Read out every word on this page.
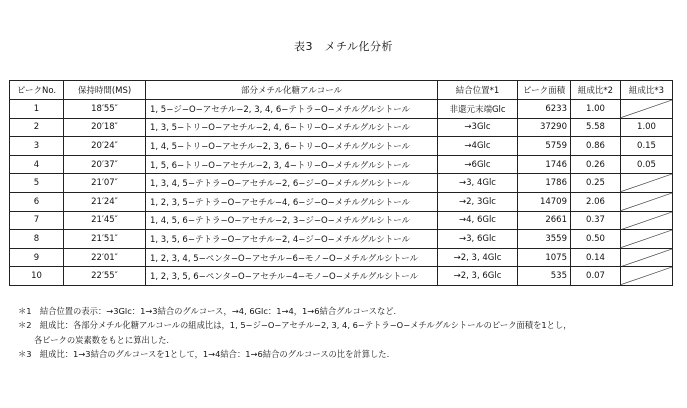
表3　メチル化分析
ピークNo.	保持時間(MS)	部分メチル化糖アルコール	結合位置*1	ピーク面積	組成比*2	組成比*3
1	18′55″	1, 5−ジ−O−アセチル−2, 3, 4, 6−テトラ−O−メチルグルシトール	非還元末端Glc	6233	1.00	

2	20′18″	1, 3, 5−トリ−O−アセチル−2, 4, 6−トリ−O−メチルグルシトール	→3Glc	37290	5.58	1.00
3	20′24″	1, 4, 5−トリ−O−アセチル−2, 3, 6−トリ−O−メチルグルシトール	→4Glc	5759	0.86	0.15
4	20′37″	1, 5, 6−トリ−O−アセチル−2, 3, 4−トリ−O−メチルグルシトール	→6Glc	1746	0.26	0.05
5	21′07″	1, 3, 4, 5−テトラ−O−アセチル−2, 6−ジ−O−メチルグルシトール	→3, 4Glc	1786	0.25	

6	21′24″	1, 2, 3, 5−テトラ−O−アセチル−4, 6−ジ−O−メチルグルシトール	→2, 3Glc	14709	2.06	

7	21′45″	1, 4, 5, 6−テトラ−O−アセチル−2, 3−ジ−O−メチルグルシトール	→4, 6Glc	2661	0.37	

8	21′51″	1, 3, 5, 6−テトラ−O−アセチル−2, 4−ジ−O−メチルグルシトール	→3, 6Glc	3559	0.50	

9	22′01″	1, 2, 3, 4, 5−ペンタ−O−アセチル−6−モノ−O−メチルグルシトール	→2, 3, 4Glc	1075	0.14	

10	22′55″	1, 2, 3, 5, 6−ペンタ−O−アセチル−4−モノ−O−メチルグルシトール	→2, 3, 6Glc	535	0.07	
＊1　結合位置の表示：→3Glc：1→3結合のグルコース，→4, 6Glc：1→4，1→6結合グルコースなど.
＊2　組成比：各部分メチル化糖アルコールの組成比は，1, 5−ジ−O−アセチル−2, 3, 4, 6−テトラ−O−メチルグルシトールのピーク面積を1とし，
各ピークの炭素数をもとに算出した.
＊3　組成比：1→3結合のグルコースを1として，1→4結合：1→6結合のグルコースの比を計算した.
